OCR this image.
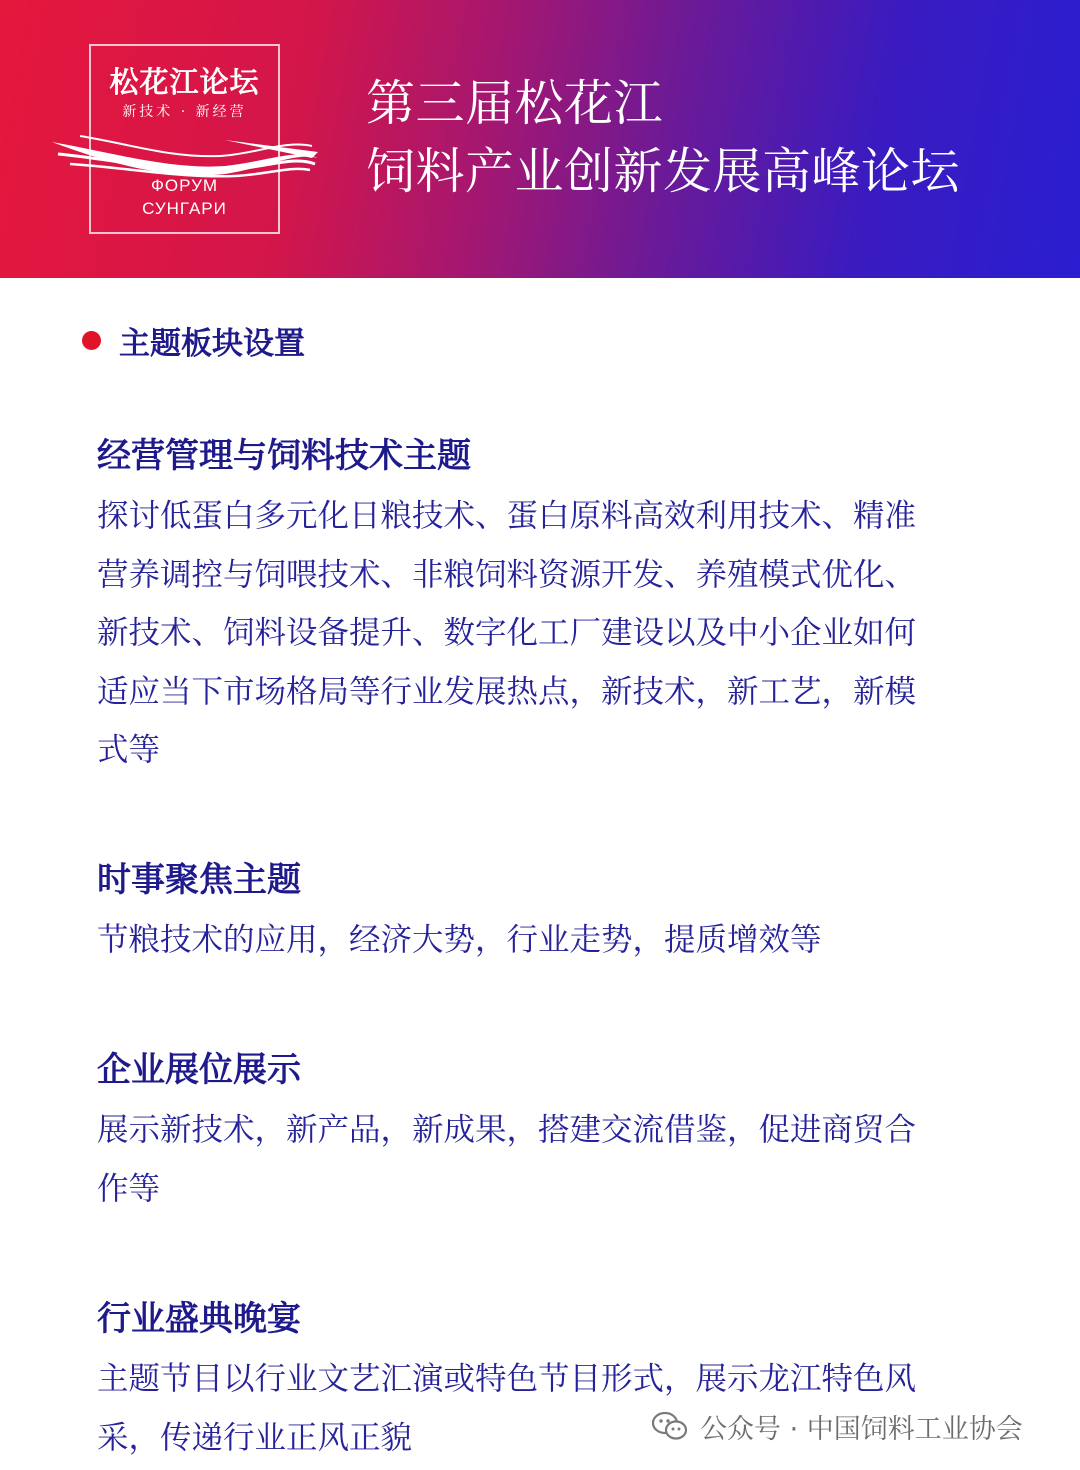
松花江论坛
新技术 · 新经营
ФОРУМ
СУНГАРИ
第三届松花江
饲料产业创新发展高峰论坛
主题板块设置
经营管理与饲料技术主题
探讨低蛋白多元化日粮技术、蛋白原料高效利用技术、精准营养调控与饲喂技术、非粮饲料资源开发、养殖模式优化、新技术、饲料设备提升、数字化工厂建设以及中小企业如何适应当下市场格局等行业发展热点，新技术，新工艺，新模式等
时事聚焦主题
节粮技术的应用，经济大势，行业走势，提质增效等
企业展位展示
展示新技术，新产品，新成果，搭建交流借鉴，促进商贸合作等
行业盛典晚宴
主题节目以行业文艺汇演或特色节目形式，展示龙江特色风采，传递行业正风正貌	公众号 · 中国饲料工业协会
